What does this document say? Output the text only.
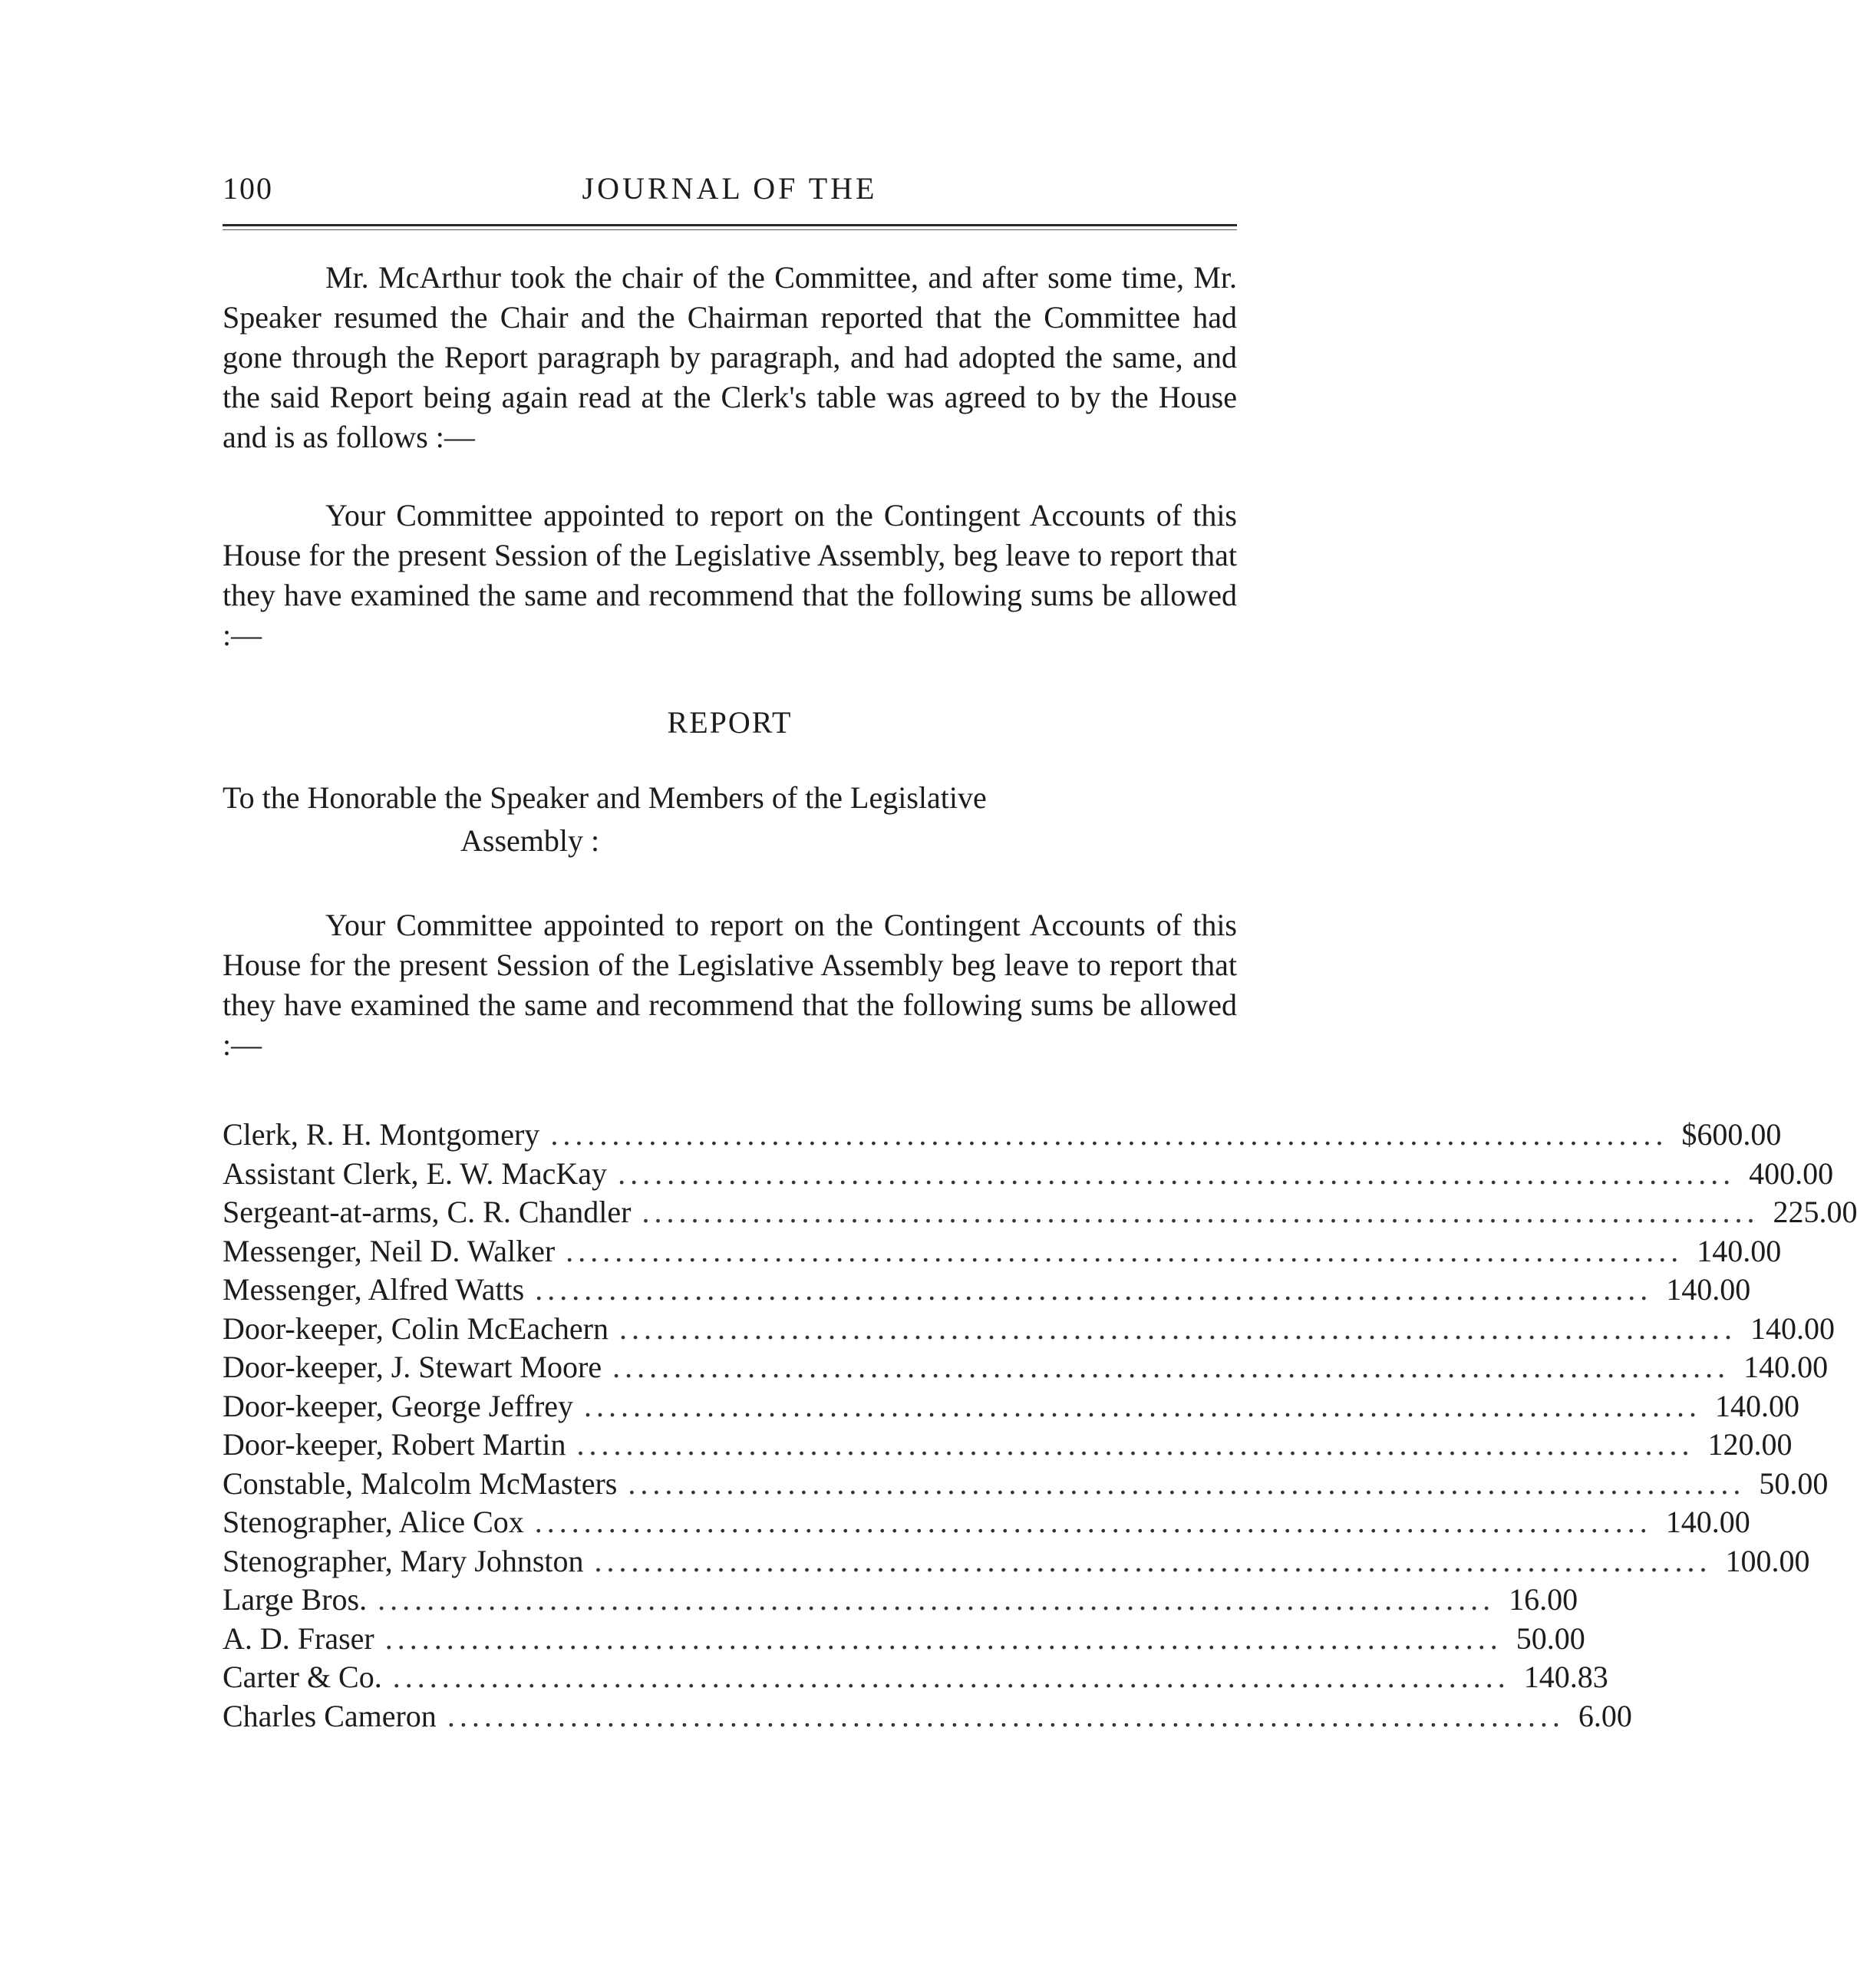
100	JOURNAL OF THE

Mr. McArthur took the chair of the Committee, and after some time, Mr. Speaker resumed the Chair and the Chairman reported that the Committee had gone through the Report paragraph by paragraph, and had adopted the same, and the said Report being again read at the Clerk's table was agreed to by the House and is as follows :—

Your Committee appointed to report on the Contingent Accounts of this House for the present Session of the Legislative Assembly, beg leave to report that they have examined the same and recommend that the following sums be allowed :—

REPORT
To the Honorable the Speaker and Members of the Legislative
Assembly :

Your Committee appointed to report on the Contingent Accounts of this House for the present Session of the Legislative Assembly beg leave to report that they have examined the same and recommend that the following sums be allowed :—

Clerk, R. H. Montgomery ........................................................................................... $ 600.00
Assistant Clerk, E. W. MacKay ........................................................................................... 400.00
Sergeant-at-arms, C. R. Chandler ........................................................................................... 225.00
Messenger, Neil D. Walker ........................................................................................... 140.00
Messenger, Alfred Watts ........................................................................................... 140.00
Door-keeper, Colin McEachern ........................................................................................... 140.00
Door-keeper, J. Stewart Moore ........................................................................................... 140.00
Door-keeper, George Jeffrey ........................................................................................... 140.00
Door-keeper, Robert Martin ........................................................................................... 120.00
Constable, Malcolm McMasters ........................................................................................... 50.00
Stenographer, Alice Cox ........................................................................................... 140.00
Stenographer, Mary Johnston ........................................................................................... 100.00
Large Bros. ........................................................................................... 16.00
A. D. Fraser ........................................................................................... 50.00
Carter & Co. ........................................................................................... 140.83
Charles Cameron ........................................................................................... 6.00
